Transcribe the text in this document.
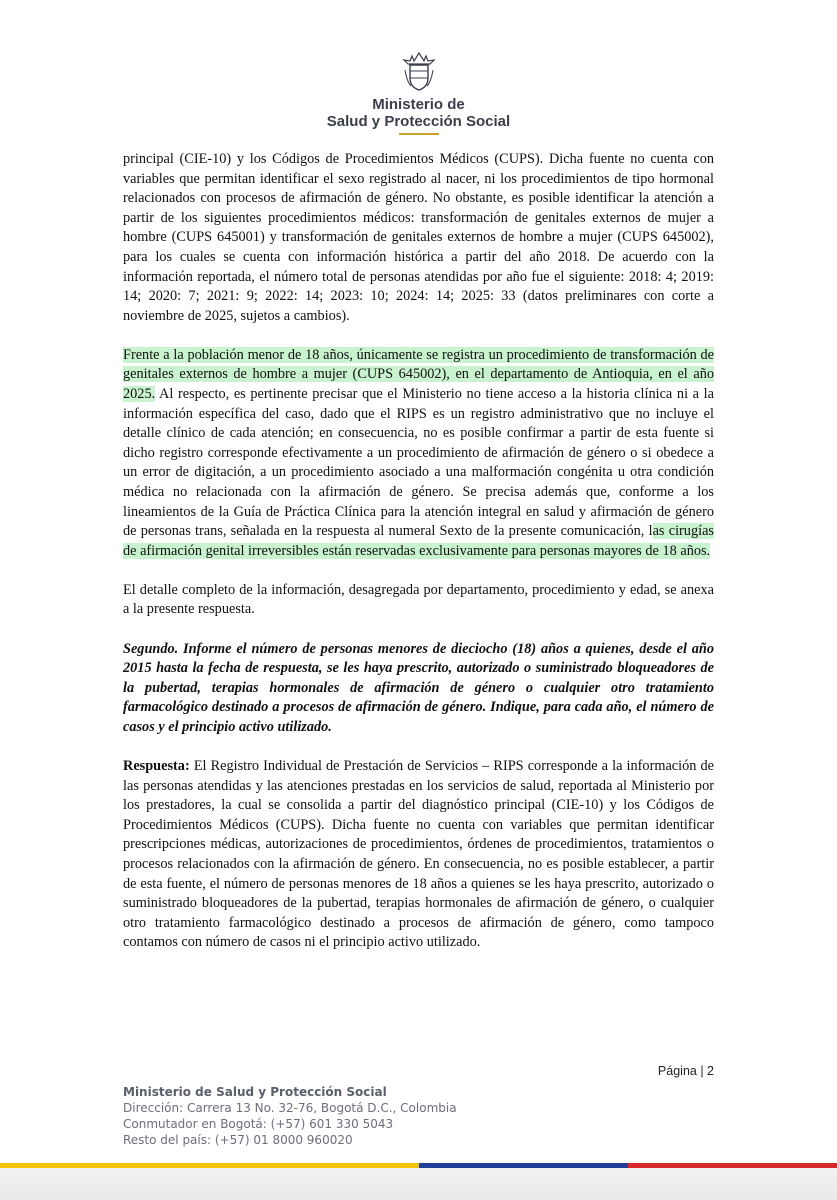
Ministerio de
Salud y Protección Social

principal (CIE-10) y los Códigos de Procedimientos Médicos (CUPS). Dicha fuente no cuenta con variables que permitan identificar el sexo registrado al nacer, ni los procedimientos de tipo hormonal relacionados con procesos de afirmación de género. No obstante, es posible identificar la atención a partir de los siguientes procedimientos médicos: transformación de genitales externos de mujer a hombre (CUPS 645001) y transformación de genitales externos de hombre a mujer (CUPS 645002), para los cuales se cuenta con información histórica a partir del año 2018. De acuerdo con la información reportada, el número total de personas atendidas por año fue el siguiente: 2018: 4; 2019: 14; 2020: 7; 2021: 9; 2022: 14; 2023: 10; 2024: 14; 2025: 33 (datos preliminares con corte a noviembre de 2025, sujetos a cambios).

Frente a la población menor de 18 años, únicamente se registra un procedimiento de transformación de genitales externos de hombre a mujer (CUPS 645002), en el departamento de Antioquia, en el año 2025. Al respecto, es pertinente precisar que el Ministerio no tiene acceso a la historia clínica ni a la información específica del caso, dado que el RIPS es un registro administrativo que no incluye el detalle clínico de cada atención; en consecuencia, no es posible confirmar a partir de esta fuente si dicho registro corresponde efectivamente a un procedimiento de afirmación de género o si obedece a un error de digitación, a un procedimiento asociado a una malformación congénita u otra condición médica no relacionada con la afirmación de género. Se precisa además que, conforme a los lineamientos de la Guía de Práctica Clínica para la atención integral en salud y afirmación de género de personas trans, señalada en la respuesta al numeral Sexto de la presente comunicación, las cirugías de afirmación genital irreversibles están reservadas exclusivamente para personas mayores de 18 años.

El detalle completo de la información, desagregada por departamento, procedimiento y edad, se anexa a la presente respuesta.

Segundo. Informe el número de personas menores de dieciocho (18) años a quienes, desde el año 2015 hasta la fecha de respuesta, se les haya prescrito, autorizado o suministrado bloqueadores de la pubertad, terapias hormonales de afirmación de género o cualquier otro tratamiento farmacológico destinado a procesos de afirmación de género. Indique, para cada año, el número de casos y el principio activo utilizado.

Respuesta: El Registro Individual de Prestación de Servicios – RIPS corresponde a la información de las personas atendidas y las atenciones prestadas en los servicios de salud, reportada al Ministerio por los prestadores, la cual se consolida a partir del diagnóstico principal (CIE-10) y los Códigos de Procedimientos Médicos (CUPS). Dicha fuente no cuenta con variables que permitan identificar prescripciones médicas, autorizaciones de procedimientos, órdenes de procedimientos, tratamientos o procesos relacionados con la afirmación de género. En consecuencia, no es posible establecer, a partir de esta fuente, el número de personas menores de 18 años a quienes se les haya prescrito, autorizado o suministrado bloqueadores de la pubertad, terapias hormonales de afirmación de género, o cualquier otro tratamiento farmacológico destinado a procesos de afirmación de género, como tampoco contamos con número de casos ni el principio activo utilizado.

Página | 2
Ministerio de Salud y Protección Social
Dirección: Carrera 13 No. 32-76, Bogotá D.C., Colombia
Conmutador en Bogotá: (+57) 601 330 5043
Resto del país: (+57) 01 8000 960020
